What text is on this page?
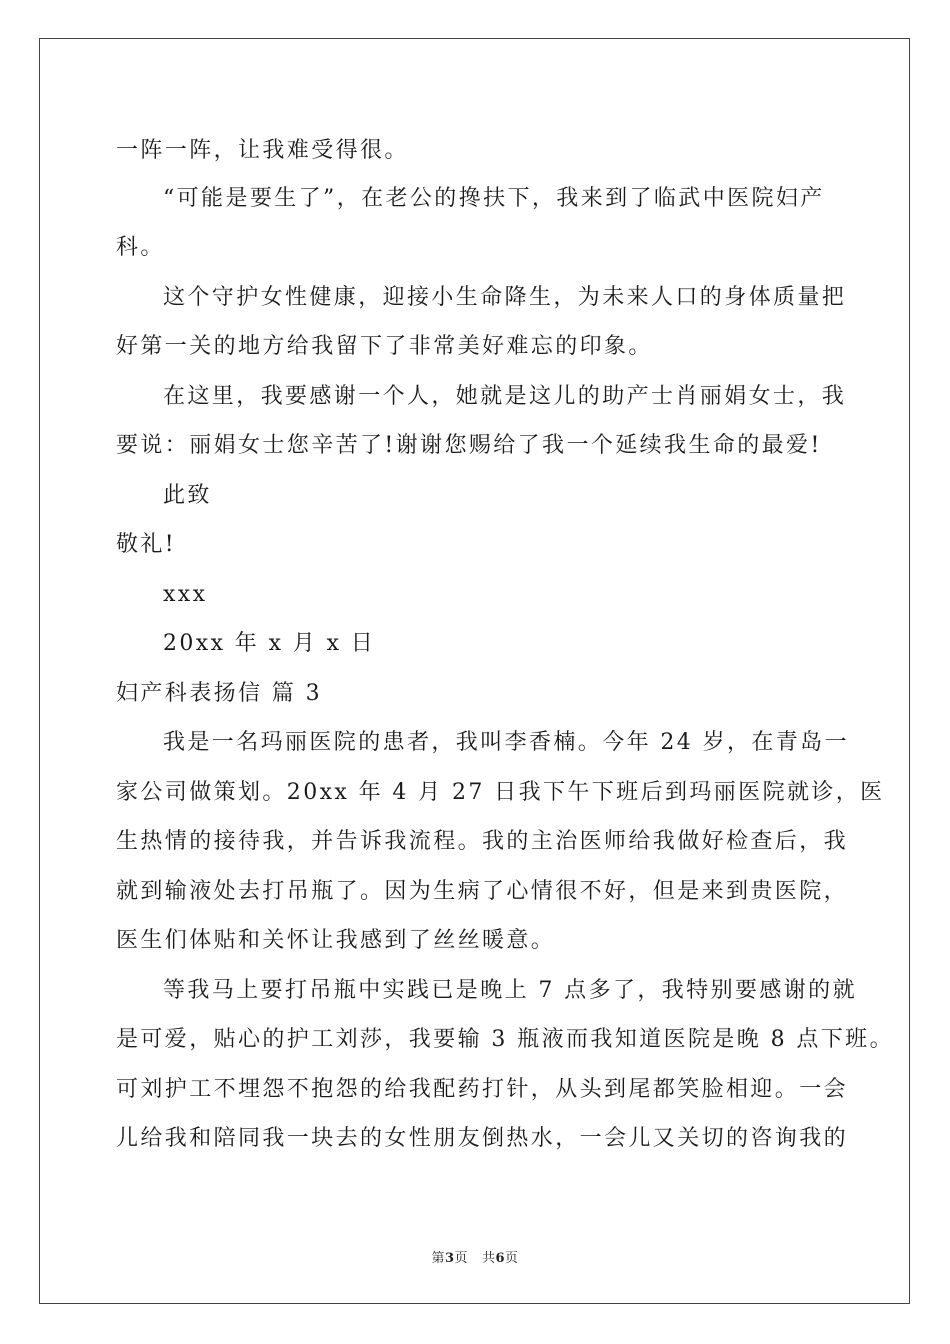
一阵一阵，让我难受得很。
“可能是要生了”，在老公的搀扶下，我来到了临武中医院妇产
科。
这个守护女性健康，迎接小生命降生，为未来人口的身体质量把
好第一关的地方给我留下了非常美好难忘的印象。
在这里，我要感谢一个人，她就是这儿的助产士肖丽娟女士，我
要说：丽娟女士您辛苦了!谢谢您赐给了我一个延续我生命的最爱!
此致
敬礼!
xxx
20xx 年 x 月 x 日
妇产科表扬信 篇 3
我是一名玛丽医院的患者，我叫李香楠。今年 24 岁，在青岛一
家公司做策划。20xx 年 4 月 27 日我下午下班后到玛丽医院就诊，医
生热情的接待我，并告诉我流程。我的主治医师给我做好检查后，我
就到输液处去打吊瓶了。因为生病了心情很不好，但是来到贵医院，
医生们体贴和关怀让我感到了丝丝暖意。
等我马上要打吊瓶中实践已是晚上 7 点多了，我特别要感谢的就
是可爱，贴心的护工刘莎，我要输 3 瓶液而我知道医院是晚 8 点下班。
可刘护工不埋怨不抱怨的给我配药打针，从头到尾都笑脸相迎。一会
儿给我和陪同我一块去的女性朋友倒热水，一会儿又关切的咨询我的
第3页 共6页
